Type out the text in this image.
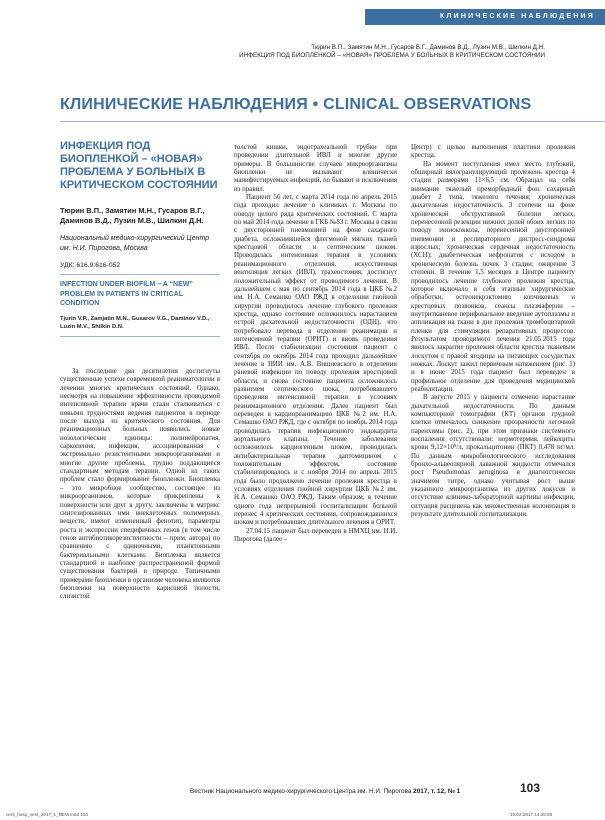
КЛИНИЧЕСКИЕ НАБЛЮДЕНИЯ
Тюрин В.П., Замятин М.Н., Гусаров В.Г., Даминов В.Д., Лузин М.В., Шилкин Д.Н.
ИНФЕКЦИЯ ПОД БИОПЛЕНКОЙ – «НОВАЯ» ПРОБЛЕМА У БОЛЬНЫХ В КРИТИЧЕСКОМ СОСТОЯНИИ
КЛИНИЧЕСКИЕ НАБЛЮДЕНИЯ • CLINICAL OBSERVATIONS
ИНФЕКЦИЯ ПОД БИОПЛЕНКОЙ – «НОВАЯ» ПРОБЛЕМА У БОЛЬНЫХ В КРИТИЧЕСКОМ СОСТОЯНИИ
Тюрин В.П., Замятин М.Н., Гусаров В.Г., Даминов В.Д., Лузин М.В., Шилкин Д.Н.
Национальный медико-хирургический Центр им. Н.И. Пирогова, Москва
УДК: 616.9:616-052
INFECTION UNDER BIOFILM – A “NEW” PROBLEM IN PATIENTS IN CRITICAL CONDITION
Tjurin V.P., Zamjatin M.N., Gusarov V.G., Daminov V.D., Luzin M.V., Shilkin D.N.

За последние два десятилетия достигнуты существенные успехи современной реаниматологии в лечении многих критических состояний. Однако, несмотря на повышение эффективности проводимой интенсивной терапии врачи стали сталкиваться с новыми трудностями ведения пациентов в периоде после выхода из критического состояния. Для реанимационных больных появились новые нозологические единицы: полинейропатия, саркопения, инфекция, ассоциированная с экстремально резистентными микроорганизмами и многие другие проблемы, трудно поддающиеся стандартным методам терапии. Одной из таких проблем стало формирование биопленки. Биопленка – это микробное сообщество, состоящее из микроорганизмов, которые прикреплены к поверхности или друг к другу, заключены в матрикс синтезированных ими внеклеточных полимерных веществ, имеют измененный фенотип, параметры роста и экспрессии специфичных генов (в том числе генов антибиотикорезистентности – прим. автора) по сравнению с одиночными, планктонными бактериальными клетками. Биопленка является стандартной и наиболее распространенной формой существования бактерий в природе. Типичными примерами биопленки в организме человека являются биопленки на поверхности кариозной полости, слизистой

толстой кишки, эндотрахеальной трубки при проведении длительной ИВЛ и многие другие примеры. В большинстве случаев микроорганизмы биопленки не вызывают клинически манифестируемых инфекций, по бывают и исключения из правил.

Пациент 56 лет, с марта 2014 года по апрель 2015 года проходил лечение в клиниках г. Москвы по поводу целого ряда критических состояний. С марта по май 2014 года лечение в ГКБ №83 г. Москвы в связи с двусторонней пневмонией на фоне сахарного диабета, осложнившейся флегмоной мягких тканей крестцовой области и септическим шоком. Проводилась интенсивная терапия в условиях реанимационного отделения, искусственная вентиляция легких (ИВЛ), трахеостомия, достигнут положительный эффект от проводимого лечения. В дальнейшем с мая по сентябрь 2014 года в ЦКБ №2 им. Н.А. Семашко ОАО РЖД в отделении гнойной хирургии проводилось лечение глубокого пролежня крестца, однако состояние осложнилось нарастанием острой дыхательной недостаточности (ОДН), что потребовало перевода в отделение реанимации и интенсивной терапии (ОРИТ) и вновь проведения ИВЛ. После стабилизации состояния пациент с сентября по октябрь 2014 года проходил дальнейшее лечение в НИИ им. А.В. Вишневского в отделении раневой инфекции по поводу пролежня крестцовой области, и снова состояние пациента осложнилось развитием септического шока, потребовавшего проведения интенсивной терапии в условиях реанимационного отделения. Далее пациент был переведен в кардиореанимацию ЦКБ №2 им. Н.А. Семашко ОАО РЖД, где с октября по ноябрь 2014 года проводилась терапия инфекционного эндокардита аортального клапана. Течение заболевания осложнилось кардиогенным шоком, проводилась антибактериальная терапия даптомицином с положительным эффектом, состояние стабилизировалось и с ноября 2014 по апрель 2015 года было продолжено лечение пролежня крестца в условиях отделения гнойной хирургии ЦКБ №2 им. Н.А. Семашко ОАО РЖД. Таким образом, в течение одного года непрерывной госпитализации больной перенес 4 критических состояния, сопровождавшихся шоком и потребовавших длительного лечения в ОРИТ.

27.04.15 пациент был переведен в НМХЦ им. Н.И. Пирогова (далее –

Центр) с целью выполнения пластики пролежня крестца.

На момент поступления имел место глубокий, обширный вялогранулирующий пролежень крестца 4 стадии размерами 11×6,5 см. Обращал на себя внимание тяжелый преморбидный фон: сахарный диабет 2 типа, тяжелого течения; хроническая дыхательная недостаточность 3 степени на фоне хронической обструктивной болезни легких, перенесенной резекции нижних долей обоих легких по поводу эхинококкоза, перенесенной двусторонней пневмонии и респираторного дистресс-синдрома взрослых; хроническая сердечная недостаточность (ХСН); диабетическая нефропатия с исходом в хроническую болезнь почек 3 стадии; ожирение 3 степени. В течение 1,5 месяцев в Центре пациенту проводилось лечение глубокого пролежня крестца, которое включало в себя этапные хирургические обработки, остеонекрэктомию копчиковых и крестцовых позвонков, сеансы плазмаферии – внутритканевое перифокальное введение аутоплазмы и аппликация на ткани в дне пролежня тромбоцитарной пленки для стимуляции репаративных процессов. Результатом проводимого лечения 21.05.2015 года явилось закрытие пролежня области крестца тканевым лоскутом с правой ягодицы на питающих сосудистых ножках. Лоскут зажил первичным натяжением (рис. 1) и в июне 2015 года пациент был переведен в профильное отделение для проведения медицинской реабилитации.

В августе 2015 у пациента отмечено нарастание дыхательной недостаточности. По данным компьютерной томографии (КТ) органов грудной клетки отмечалось снижение прозрачности легочной паренхимы (рис. 2), при этом признаки системного воспаления отсутствовали: нормотермия, лейкоциты крови 9,12×10⁹/л, прокальцитонин (ПКТ) 0,478 нг/мл. По данным микробиологического исследования бронхо-альвеолярной лаважной жидкости отмечался рост Pseudomonas aeruginosa в диагностически значимом титре, однако учитывая рост выше указанного микроорганизма из других локусов и отсутствие клинико-лабораторной картины инфекции, ситуация расценена как множественная колонизация в результате длительной госпитализации.

Вестник Национального медико-хирургического Центра им. Н.И. Пирогова 2017, т. 12, № 1	103
cent_hosp_vest_2017_1_NEW.indd 103	10.02.2017 14:36:55
